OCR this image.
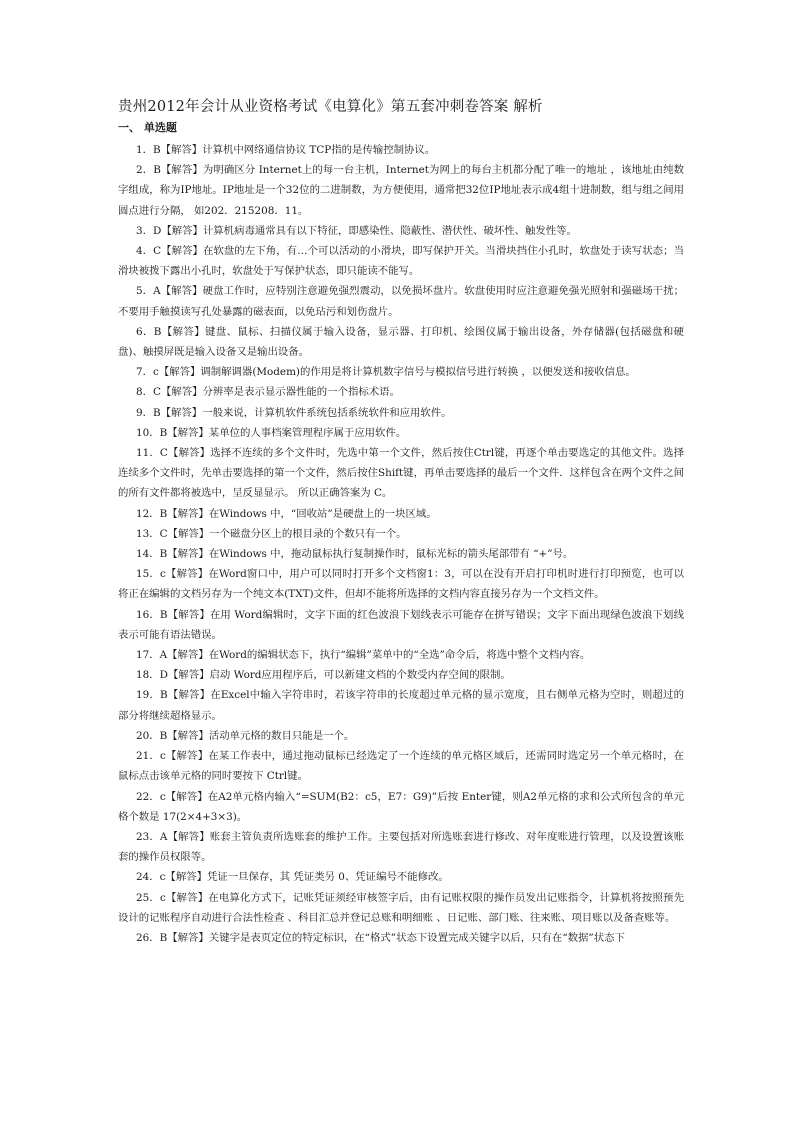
贵州2012年会计从业资格考试《电算化》第五套冲刺卷答案 解析
一、 单选题

1．B【解答】计算机中网络通信协议 TCP指的是传输控制协议。

2．B【解答】为明确区分 Internet上的每一台主机，Internet为网上的每台主机都分配了唯一的地址 ，该地址由纯数字组成，称为IP地址。IP地址是一个32位的二进制数，为方便使用，通常把32位IP地址表示成4组十进制数，组与组之间用圆点进行分隔， 如202．215208．11。

3．D【解答】计算机病毒通常具有以下特征，即感染性、隐蔽性、潜伏性、破坏性、触发性等。

4．C【解答】在软盘的左下角，有…个可以活动的小滑块，即写保护开关。当滑块挡住小孔时，软盘处于读写状态；当滑块被拨下露出小孔时，软盘处于写保护状态，即只能读不能写。

5．A【解答】硬盘工作时，应特别注意避免强烈震动，以免损坏盘片。软盘使用时应注意避免强光照射和强磁场干扰；不要用手触摸读写孔处暴露的磁表面，以免玷污和划伤盘片。

6．B【解答】键盘、鼠标、扫描仪属于输入设备，显示器、打印机、绘图仪属于输出设备，外存储器(包括磁盘和硬盘)、触摸屏既是输入设备又是输出设备。

7．c【解答】调制解调器(Modem)的作用是将计算机数字信号与模拟信号进行转换 ，以便发送和接收信息。

8．C【解答】分辨率是表示显示器性能的一个指标术语。

9．B【解答】一般来说，计算机软件系统包括系统软件和应用软件。

10．B【解答】某单位的人事档案管理程序属于应用软件。

11．C【解答】选择不连续的多个文件时，先选中第一个文件，然后按住Ctrl键，再逐个单击要选定的其他文件。选择连续多个文件时，先单击要选择的第一个文件，然后按住Shift键，再单击要选择的最后一个文件．这样包含在两个文件之间的所有文件都将被选中，呈反显显示。 所以正确答案为 C。

12．B【解答】在Windows 中，“回收站”是硬盘上的一块区域。

13．C【解答】一个磁盘分区上的根目录的个数只有一个。

14．B【解答】在Windows 中，拖动鼠标执行复制操作时，鼠标光标的箭头尾部带有 “+”号。

15．c【解答】在Word窗口中，用户可以同时打开多个文档窗1：3，可以在没有开启打印机时进行打印预览，也可以将正在编辑的文档另存为一个纯文本(TXT)文件，但却不能将所选择的文档内容直接另存为一个文档文件。

16．B【解答】在用 Word编辑时，文字下面的红色波浪下划线表示可能存在拼写错误；文字下面出现绿色波浪下划线表示可能有语法错误。

17．A【解答】在Word的编辑状态下，执行“编辑”菜单中的“全选”命令后，将选中整个文档内容。

18．D【解答】启动 Word应用程序后，可以新建文档的个数受内存空间的限制。

19．B【解答】在Excel中输入字符串时，若该字符串的长度超过单元格的显示宽度，且右侧单元格为空时，则超过的部分将继续超格显示。

20．B【解答】活动单元格的数目只能是一个。

21．c【解答】在某工作表中，通过拖动鼠标已经选定了一个连续的单元格区域后，还需同时选定另一个单元格时，在鼠标点击该单元格的同时要按下 Ctrl键。

22．c【解答】在A2单元格内输入“=SUM(B2：c5，E7：G9)”后按 Enter键，则A2单元格的求和公式所包含的单元格个数是 17(2×4+3×3)。

23．A【解答】账套主管负责所选账套的维护工作。主要包括对所选账套进行修改、对年度账进行管理，以及设置该账套的操作员权限等。

24．c【解答】凭证一旦保存，其 凭证类另 0、凭证编号不能修改。

25．c【解答】在电算化方式下，记账凭证须经审核签字后，由有记账权限的操作员发出记账指令，计算机将按照预先设计的记账程序自动进行合法性检查 、科目汇总并登记总账和明细账 、日记账、部门账、往来账、项目账以及备查账等。

26．B【解答】关键字是表页定位的特定标识，在“格式”状态下设置完成关键字以后，只有在“数据”状态下
